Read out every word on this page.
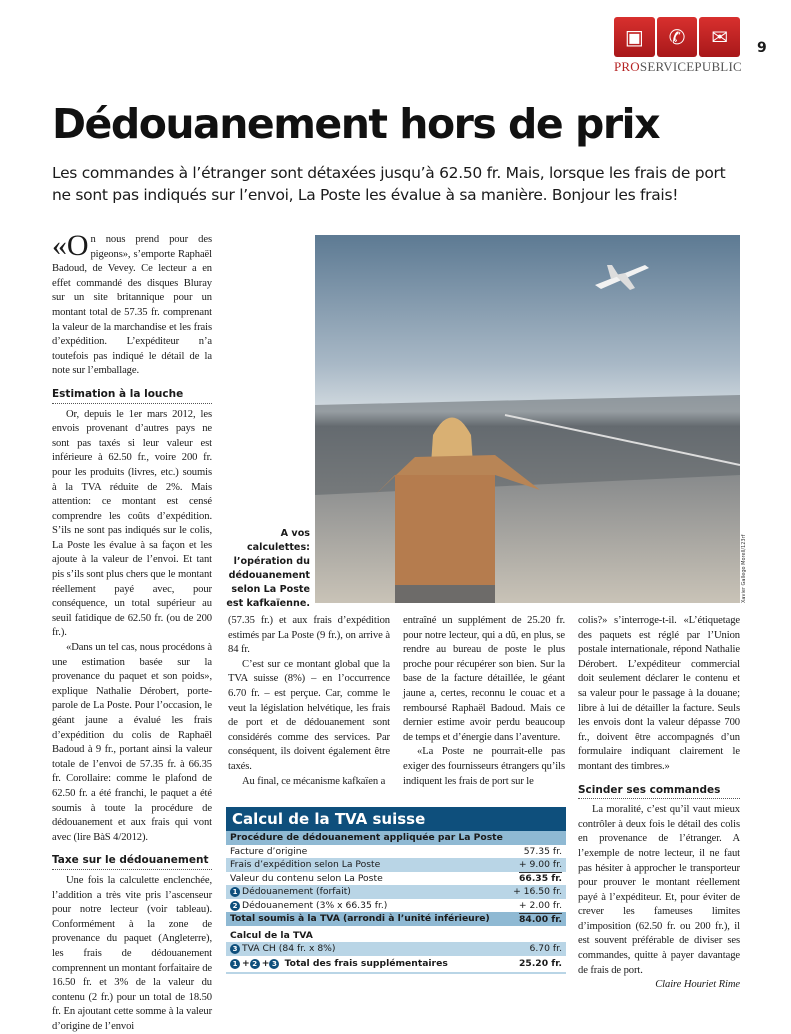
▣	✆	✉
PROSERVICEPUBLIC
9
Dédouanement hors de prix
Les commandes à l’étranger sont détaxées jusqu’à 62.50 fr. Mais, lorsque les frais de port ne sont pas indiqués sur l’envoi, La Poste les évalue à sa manière. Bonjour les frais!

«On nous prend pour des pigeons», s’emporte Raphaël Badoud, de Vevey. Ce lecteur a en effet commandé des disques Bluray sur un site britannique pour un montant total de 57.35 fr. comprenant la valeur de la marchandise et les frais d’expédition. L’expéditeur n’a toutefois pas indiqué le détail de la note sur l’emballage.

Estimation à la louche

Or, depuis le 1er mars 2012, les envois provenant d’autres pays ne sont pas taxés si leur valeur est inférieure à 62.50 fr., voire 200 fr. pour les produits (livres, etc.) soumis à la TVA réduite de 2%. Mais attention: ce montant est censé comprendre les coûts d’expédition. S’ils ne sont pas indiqués sur le colis, La Poste les évalue à sa façon et les ajoute à la valeur de l’envoi. Et tant pis s’ils sont plus chers que le montant réellement payé avec, pour conséquence, un total supérieur au seuil fatidique de 62.50 fr. (ou de 200 fr.).

«Dans un tel cas, nous procédons à une estimation basée sur la provenance du paquet et son poids», explique Nathalie Dérobert, porte-parole de La Poste. Pour l’occasion, le géant jaune a évalué les frais d’expédition du colis de Raphaël Badoud à 9 fr., portant ainsi la valeur totale de l’envoi de 57.35 fr. à 66.35 fr. Corollaire: comme le plafond de 62.50 fr. a été franchi, le paquet a été soumis à toute la procédure de dédouanement et aux frais qui vont avec (lire BàS 4/2012).

Taxe sur le dédouanement

Une fois la calculette enclenchée, l’addition a très vite pris l’ascenseur pour notre lecteur (voir tableau). Conformément à la zone de provenance du paquet (Angleterre), les frais de dédouanement comprennent un montant forfaitaire de 16.50 fr. et 3% de la valeur du contenu (2 fr.) pour un total de 18.50 fr. En ajoutant cette somme à la valeur d’origine de l’envoi

Xavier Gallego Morell/123rf
A vos calculettes: l’opération du dédouanement selon La Poste est kafkaïenne.

(57.35 fr.) et aux frais d’expédition estimés par La Poste (9 fr.), on arrive à 84 fr.

C’est sur ce montant global que la TVA suisse (8%) – en l’occurrence 6.70 fr. – est perçue. Car, comme le veut la législation helvétique, les frais de port et de dédouanement sont considérés comme des services. Par conséquent, ils doivent également être taxés.

Au final, ce mécanisme kafkaïen a

entraîné un supplément de 25.20 fr. pour notre lecteur, qui a dû, en plus, se rendre au bureau de poste le plus proche pour récupérer son bien. Sur la base de la facture détaillée, le géant jaune a, certes, reconnu le couac et a remboursé Raphaël Badoud. Mais ce dernier estime avoir perdu beaucoup de temps et d’énergie dans l’aventure.

«La Poste ne pourrait-elle pas exiger des fournisseurs étrangers qu’ils indiquent les frais de port sur le

colis?» s’interroge-t-il. «L’étiquetage des paquets est réglé par l’Union postale internationale, répond Nathalie Dérobert. L’expéditeur commercial doit seulement déclarer le contenu et sa valeur pour le passage à la douane; libre à lui de détailler la facture. Seuls les envois dont la valeur dépasse 700 fr., doivent être accompagnés d’un formulaire indiquant clairement le montant des timbres.»

Scinder ses commandes

La moralité, c’est qu’il vaut mieux contrôler à deux fois le détail des colis en provenance de l’étranger. A l’exemple de notre lecteur, il ne faut pas hésiter à approcher le transporteur pour prouver le montant réellement payé à l’expéditeur. Et, pour éviter de crever les fameuses limites d’imposition (62.50 fr. ou 200 fr.), il est souvent préférable de diviser ses commandes, quitte à payer davantage de frais de port.

Claire Houriet Rime

Calcul de la TVA suisse
Procédure de dédouanement appliquée par La Poste
Facture d’origine	57.35 fr.
Frais d’expédition selon La Poste	+ 9.00 fr.
Valeur du contenu selon La Poste	66.35 fr.
1 Dédouanement (forfait)	+ 16.50 fr.
2 Dédouanement (3% x 66.35 fr.)	+ 2.00 fr.
Total soumis à la TVA (arrondi à l’unité inférieure)	84.00 fr.
Calcul de la TVA
3 TVA CH (84 fr. x 8%)	6.70 fr.
1 + 2 + 3 Total des frais supplémentaires	25.20 fr.
